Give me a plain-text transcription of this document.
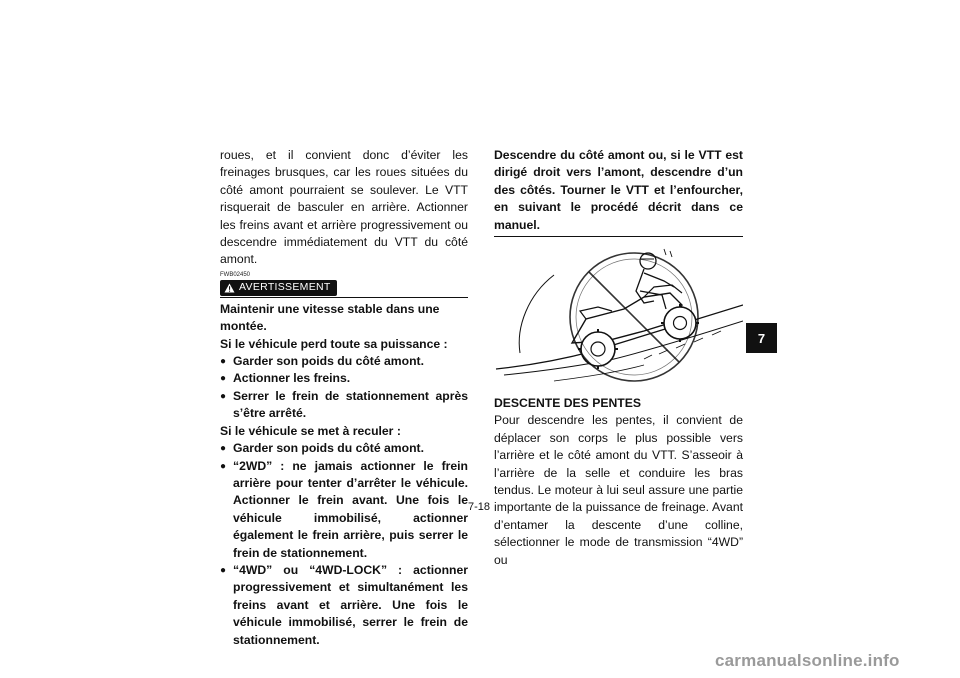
roues, et il convient donc d’éviter les freinages brusques, car les roues situées du côté amont pourraient se soulever. Le VTT risquerait de basculer en arrière. Actionner les freins avant et arrière progressivement ou descendre immédiatement du VTT du côté amont.

FWB02450
AVERTISSEMENT

Maintenir une vitesse stable dans une montée.

Si le véhicule perd toute sa puissance :

● Garder son poids du côté amont.
● Actionner les freins.
● Serrer le frein de stationnement après s’être arrêté.

Si le véhicule se met à reculer :

● Garder son poids du côté amont.
● “2WD” : ne jamais actionner le frein arrière pour tenter d’arrêter le véhicule. Actionner le frein avant. Une fois le véhicule immobilisé, actionner également le frein arrière, puis serrer le frein de stationnement.
● “4WD” ou “4WD-LOCK” : actionner progressivement et simultanément les freins avant et arrière. Une fois le véhicule immobilisé, serrer le frein de stationnement.

Descendre du côté amont ou, si le VTT est dirigé droit vers l’amont, descendre d’un des côtés. Tourner le VTT et l’enfourcher, en suivant le procédé décrit dans ce manuel.

DESCENTE DES PENTES

Pour descendre les pentes, il convient de déplacer son corps le plus possible vers l’arrière et le côté amont du VTT. S’asseoir à l’arrière de la selle et conduire les bras tendus. Le moteur à lui seul assure une partie importante de la puissance de freinage. Avant d’entamer la descente d’une colline, sélectionner le mode de transmission “4WD” ou

7-18
7
carmanualsonline.info
